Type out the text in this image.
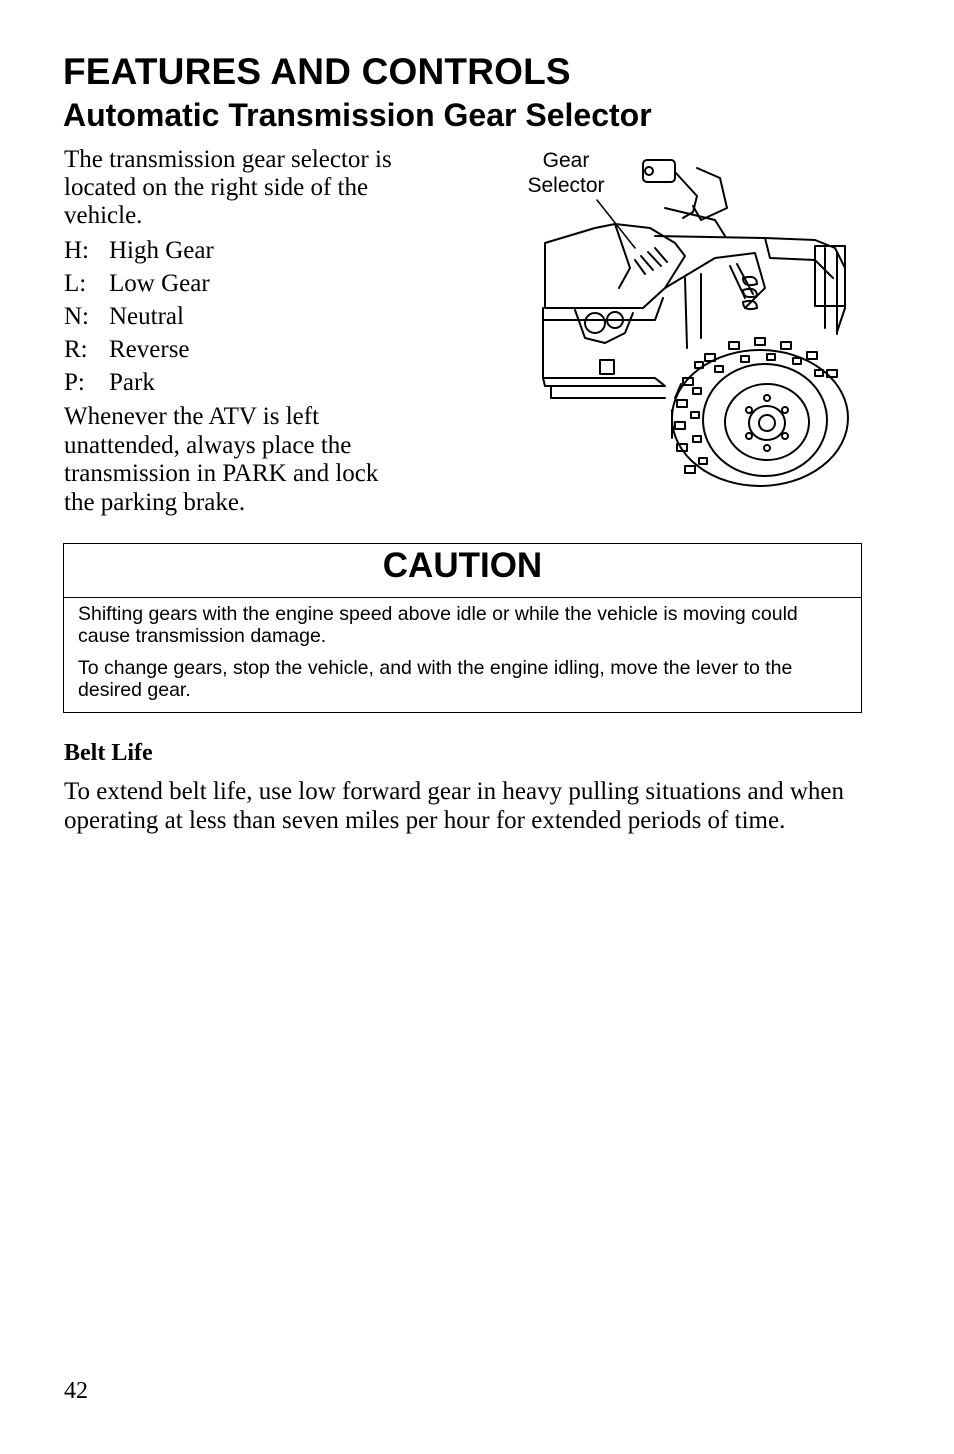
FEATURES AND CONTROLS
Automatic Transmission Gear Selector

The transmission gear selector is located on the right side of the vehicle.

H: High Gear
L: Low Gear
N: Neutral
R: Reverse
P: Park

Whenever the ATV is left unattended, always place the transmission in PARK and lock the parking brake.

Gear
Selector
CAUTION

Shifting gears with the engine speed above idle or while the vehicle is moving could cause transmission damage.

To change gears, stop the vehicle, and with the engine idling, move the lever to the desired gear.

Belt Life

To extend belt life, use low forward gear in heavy pulling situations and when operating at less than seven miles per hour for extended periods of time.

42
